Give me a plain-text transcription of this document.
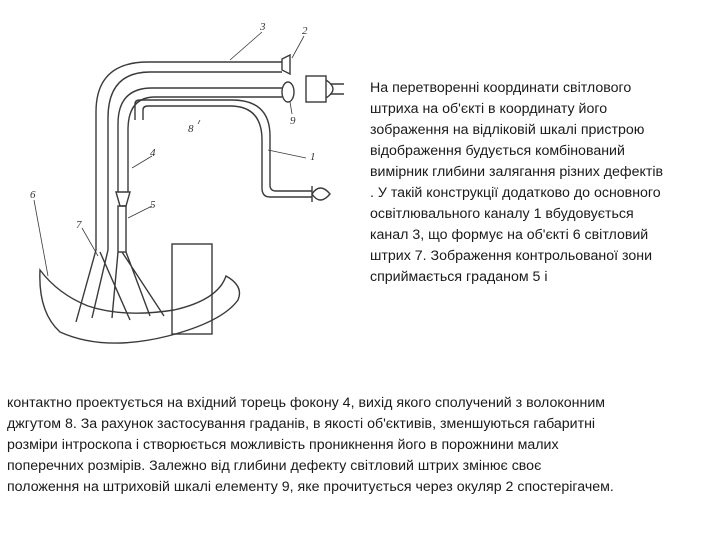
3	2
8
9
1
4
5
6
7
На перетворенні координати світлового
штриха на об'єкті в координату його
зображення на відліковій шкалі пристрою
відображення будується комбінований
вимірник глибини залягання різних дефектів
. У такій конструкції додатково до основного
освітлювального каналу 1 вбудовується
канал 3, що формує на об'єкті 6 світловий
штрих 7. Зображення контрольованої зони
сприймається граданом 5 і
контактно проектується на вхідний торець фокону 4, вихід якого сполучений з волоконним
джгутом 8. За рахунок застосування граданів, в якості об'єктивів, зменшуються габаритні
розміри інтроскопа і створюється можливість проникнення його в порожнини малих
поперечних розмірів. Залежно від глибини дефекту світловий штрих змінює своє
положення на штриховій шкалі елементу 9, яке прочитується через окуляр 2 спостерігачем.
